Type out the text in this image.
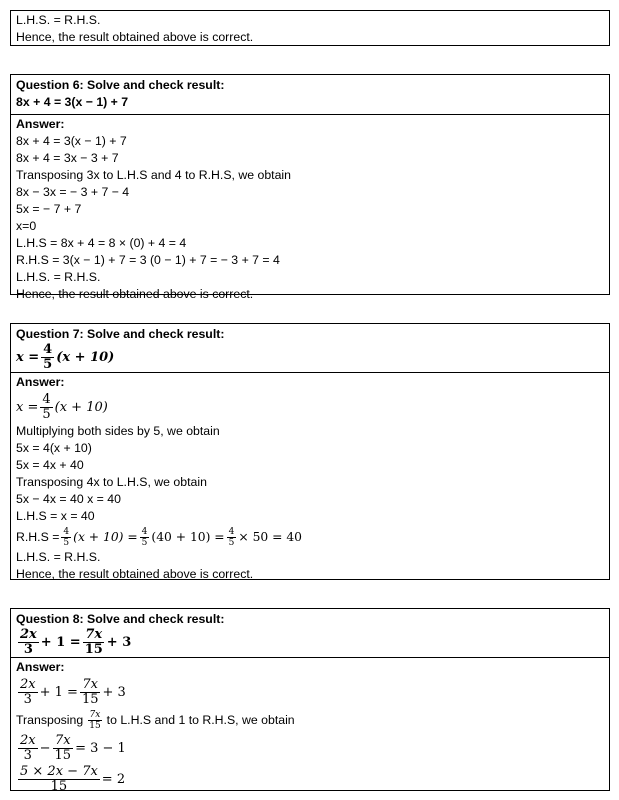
L.H.S. = R.H.S.
Hence, the result obtained above is correct.
Question 6: Solve and check result:
8x + 4 = 3(x − 1) + 7
Answer:
8x + 4 = 3(x − 1) + 7
8x + 4 = 3x − 3 + 7
Transposing 3x to L.H.S and 4 to R.H.S, we obtain
8x − 3x = − 3 + 7 − 4
5x = − 7 + 7
x=0
L.H.S = 8x + 4 = 8 × (0) + 4 = 4
R.H.S = 3(x − 1) + 7 = 3 (0 − 1) + 7 = − 3 + 7 = 4
L.H.S. = R.H.S.
Hence, the result obtained above is correct.
Question 7: Solve and check result:
$x = \frac{4}{5} (x + 10)$
Answer:
$x = \frac{4}{5} (x + 10)$
Multiplying both sides by 5, we obtain
5x = 4(x + 10)
5x = 4x + 40
Transposing 4x to L.H.S, we obtain
5x − 4x = 40 x = 40
L.H.S = x = 40
$R.H.S = \frac{4}{5} (x + 10) = \frac{4}{5} (40 + 10) = \frac{4}{5} \times 50 = 40$
L.H.S. = R.H.S.
Hence, the result obtained above is correct.
Question 8: Solve and check result:
$\frac{2x}{3} + 1 = \frac{7x}{15} + 3$
Answer:
$\frac{2x}{3} + 1 = \frac{7x}{15} + 3$
Transposing $\frac{7x}{15}$ to L.H.S and 1 to R.H.S, we obtain
$\frac{2x}{3} - \frac{7x}{15} = 3 - 1$
$\frac{5 \times 2x - 7x}{15} = 2$
